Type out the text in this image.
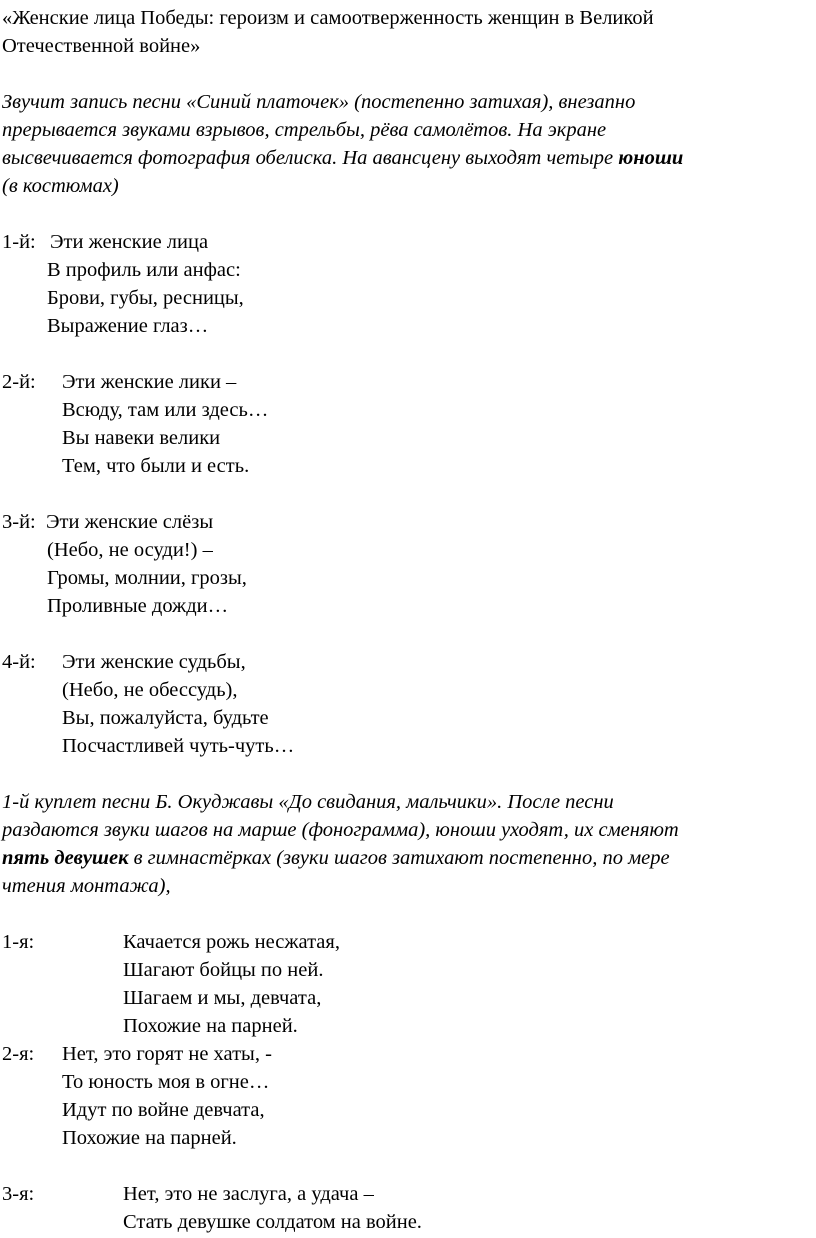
«Женские лица Победы: героизм и самоотверженность женщин в Великой
Отечественной войне»
Звучит запись песни «Синий платочек» (постепенно затихая), внезапно
прерывается звуками взрывов, стрельбы, рёва самолётов. На экране
высвечивается фотография обелиска. На авансцену выходят четыре юноши
(в костюмах)
1-й: Эти женские лица
В профиль или анфас:
Брови, губы, ресницы,
Выражение глаз…
2-й: Эти женские лики –
Всюду, там или здесь…
Вы навеки велики
Тем, что были и есть.
3-й: Эти женские слёзы
(Небо, не осуди!) –
Громы, молнии, грозы,
Проливные дожди…
4-й: Эти женские судьбы,
(Небо, не обессудь),
Вы, пожалуйста, будьте
Посчастливей чуть-чуть…
1-й куплет песни Б. Окуджавы «До свидания, мальчики». После песни
раздаются звуки шагов на марше (фонограмма), юноши уходят, их сменяют
пять девушек в гимнастёрках (звуки шагов затихают постепенно, по мере
чтения монтажа),
1-я:	Качается рожь несжатая,
Шагают бойцы по ней.
Шагаем и мы, девчата,
Похожие на парней.
2-я: Нет, это горят не хаты, -
То юность моя в огне…
Идут по войне девчата,
Похожие на парней.
3-я:	Нет, это не заслуга, а удача –
Стать девушке солдатом на войне.
